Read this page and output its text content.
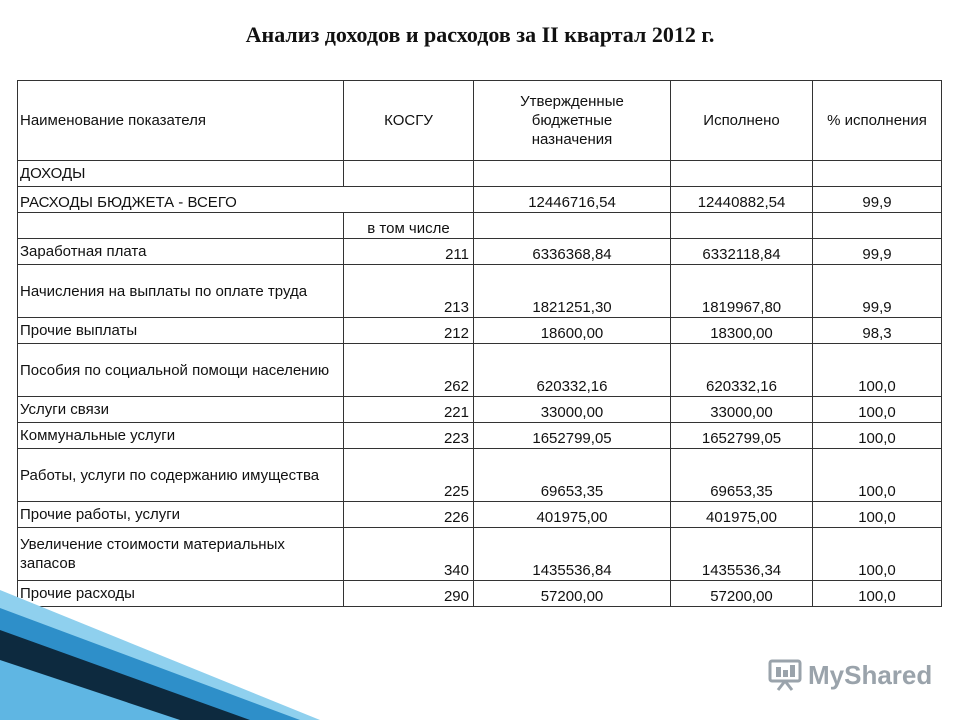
Анализ доходов и расходов за II квартал 2012 г.
Наименование показателя	КОСГУ	Утвержденные бюджетные назначения	Исполнено	% исполнения
ДОХОДЫ				
РАСХОДЫ БЮДЖЕТА - ВСЕГО		12446716,54	12440882,54	99,9
	в том числе			
Заработная плата	211	6336368,84	6332118,84	99,9
Начисления на выплаты по оплате труда	213	1821251,30	1819967,80	99,9
Прочие выплаты	212	18600,00	18300,00	98,3
Пособия по социальной помощи населению	262	620332,16	620332,16	100,0
Услуги связи	221	33000,00	33000,00	100,0
Коммунальные услуги	223	1652799,05	1652799,05	100,0
Работы, услуги по содержанию имущества	225	69653,35	69653,35	100,0
Прочие работы, услуги	226	401975,00	401975,00	100,0
Увеличение стоимости материальных запасов	340	1435536,84	1435536,34	100,0
Прочие расходы	290	57200,00	57200,00	100,0
MyShared
